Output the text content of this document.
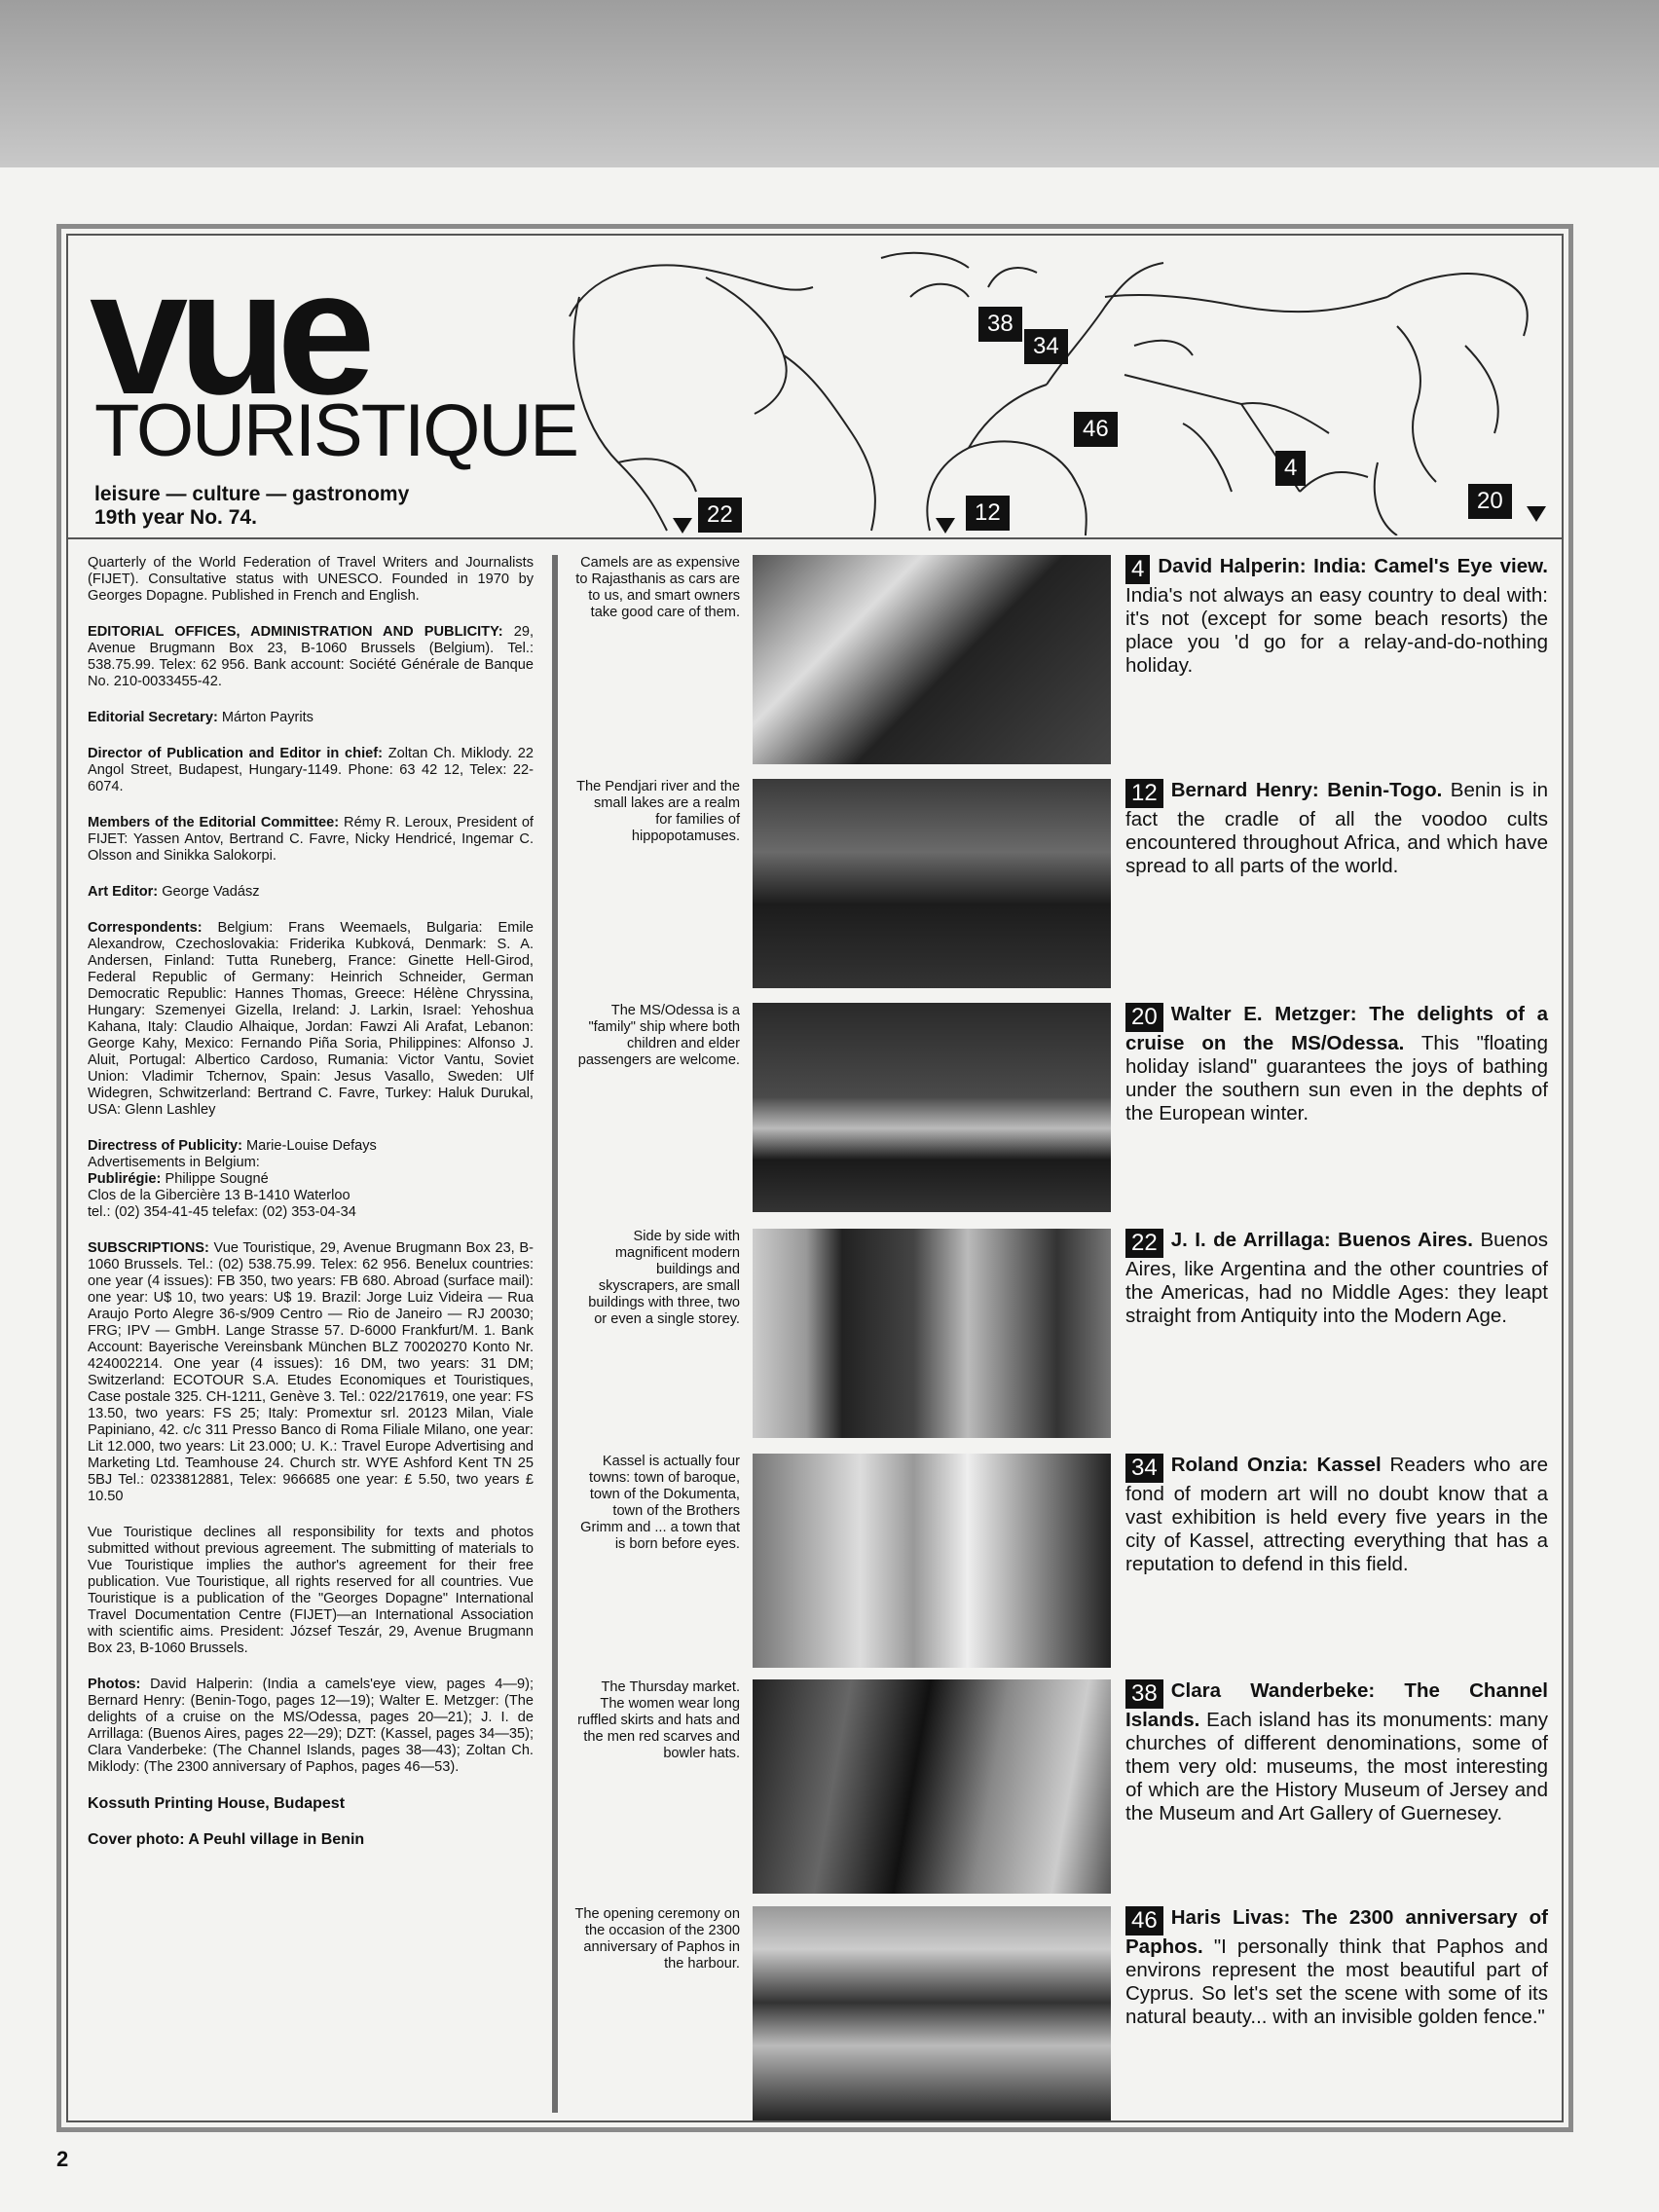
vue
TOURISTIQUE
leisure — culture — gastronomy
19th year No. 74.
38
34
46
4
22	12	20

Quarterly of the World Federation of Travel Writers and Journalists (FIJET). Consultative status with UNESCO. Founded in 1970 by Georges Dopagne. Published in French and English.

EDITORIAL OFFICES, ADMINISTRATION AND PUBLICITY: 29, Avenue Brugmann Box 23, B-1060 Brussels (Belgium). Tel.: 538.75.99. Telex: 62 956. Bank account: Société Générale de Banque No. 210-0033455-42.

Editorial Secretary: Márton Payrits

Director of Publication and Editor in chief: Zoltan Ch. Miklody. 22 Angol Street, Budapest, Hungary-1149. Phone: 63 42 12, Telex: 22-6074.

Members of the Editorial Committee: Rémy R. Leroux, President of FIJET: Yassen Antov, Bertrand C. Favre, Nicky Hendricé, Ingemar C. Olsson and Sinikka Salokorpi.

Art Editor: George Vadász

Correspondents: Belgium: Frans Weemaels, Bulgaria: Emile Alexandrow, Czechoslovakia: Friderika Kubková, Denmark: S. A. Andersen, Finland: Tutta Runeberg, France: Ginette Hell-Girod, Federal Republic of Germany: Heinrich Schneider, German Democratic Republic: Hannes Thomas, Greece: Hélène Chryssina, Hungary: Szemenyei Gizella, Ireland: J. Larkin, Israel: Yehoshua Kahana, Italy: Claudio Alhaique, Jordan: Fawzi Ali Arafat, Lebanon: George Kahy, Mexico: Fernando Piña Soria, Philippines: Alfonso J. Aluit, Portugal: Albertico Cardoso, Rumania: Victor Vantu, Soviet Union: Vladimir Tchernov, Spain: Jesus Vasallo, Sweden: Ulf Widegren, Schwitzerland: Bertrand C. Favre, Turkey: Haluk Durukal, USA: Glenn Lashley

Directress of Publicity: Marie-Louise Defays
Advertisements in Belgium:
Publirégie: Philippe Sougné
Clos de la Gibercière 13 B-1410 Waterloo
tel.: (02) 354-41-45 telefax: (02) 353-04-34

SUBSCRIPTIONS: Vue Touristique, 29, Avenue Brugmann Box 23, B-1060 Brussels. Tel.: (02) 538.75.99. Telex: 62 956. Benelux countries: one year (4 issues): FB 350, two years: FB 680. Abroad (surface mail): one year: U$ 10, two years: U$ 19. Brazil: Jorge Luiz Videira — Rua Araujo Porto Alegre 36-s/909 Centro — Rio de Janeiro — RJ 20030; FRG; IPV — GmbH. Lange Strasse 57. D-6000 Frankfurt/M. 1. Bank Account: Bayerische Vereinsbank München BLZ 70020270 Konto Nr. 424002214. One year (4 issues): 16 DM, two years: 31 DM; Switzerland: ECOTOUR S.A. Etudes Economiques et Touristiques, Case postale 325. CH-1211, Genève 3. Tel.: 022/217619, one year: FS 13.50, two years: FS 25; Italy: Promextur srl. 20123 Milan, Viale Papiniano, 42. c/c 311 Presso Banco di Roma Filiale Milano, one year: Lit 12.000, two years: Lit 23.000; U. K.: Travel Europe Advertising and Marketing Ltd. Teamhouse 24. Church str. WYE Ashford Kent TN 25 5BJ Tel.: 0233812881, Telex: 966685 one year: £ 5.50, two years £ 10.50

Vue Touristique declines all responsibility for texts and photos submitted without previous agreement. The submitting of materials to Vue Touristique implies the author's agreement for their free publication. Vue Touristique, all rights reserved for all countries. Vue Touristique is a publication of the "Georges Dopagne" International Travel Documentation Centre (FIJET)—an International Association with scientific aims. President: József Teszár, 29, Avenue Brugmann Box 23, B-1060 Brussels.

Photos: David Halperin: (India a camels'eye view, pages 4—9); Bernard Henry: (Benin-Togo, pages 12—19); Walter E. Metzger: (The delights of a cruise on the MS/Odessa, pages 20—21); J. I. de Arrillaga: (Buenos Aires, pages 22—29); DZT: (Kassel, pages 34—35); Clara Vanderbeke: (The Channel Islands, pages 38—43); Zoltan Ch. Miklody: (The 2300 anniversary of Paphos, pages 46—53).

Kossuth Printing House, Budapest

Cover photo: A Peuhl village in Benin

Camels are as expensive to Rajasthanis as cars are to us, and smart owners take good care of them.
4 David Halperin: India: Camel's Eye view. India's not always an easy country to deal with: it's not (except for some beach resorts) the place you 'd go for a relay-and-do-nothing holiday.
The Pendjari river and the small lakes are a realm for families of hippopotamuses.
12 Bernard Henry: Benin-Togo. Benin is in fact the cradle of all the voodoo cults encountered throughout Africa, and which have spread to all parts of the world.
The MS/Odessa is a "family" ship where both children and elder passengers are welcome.
20 Walter E. Metzger: The delights of a cruise on the MS/Odessa. This "floating holiday island" guarantees the joys of bathing under the southern sun even in the dephts of the European winter.
Side by side with magnificent modern buildings and skyscrapers, are small buildings with three, two or even a single storey.
22 J. I. de Arrillaga: Buenos Aires. Buenos Aires, like Argentina and the other countries of the Americas, had no Middle Ages: they leapt straight from Antiquity into the Modern Age.
Kassel is actually four towns: town of baroque, town of the Dokumenta, town of the Brothers Grimm and ... a town that is born before eyes.
34 Roland Onzia: Kassel Readers who are fond of modern art will no doubt know that a vast exhibition is held every five years in the city of Kassel, attrecting everything that has a reputation to defend in this field.
The Thursday market. The women wear long ruffled skirts and hats and the men red scarves and bowler hats.
38 Clara Wanderbeke: The Channel Islands. Each island has its monuments: many churches of different denominations, some of them very old: museums, the most interesting of which are the History Museum of Jersey and the Museum and Art Gallery of Guernesey.
The opening ceremony on the occasion of the 2300 anniversary of Paphos in the harbour.
46 Haris Livas: The 2300 anniversary of Paphos. "I personally think that Paphos and environs represent the most beautiful part of Cyprus. So let's set the scene with some of its natural beauty... with an invisible golden fence."
2
